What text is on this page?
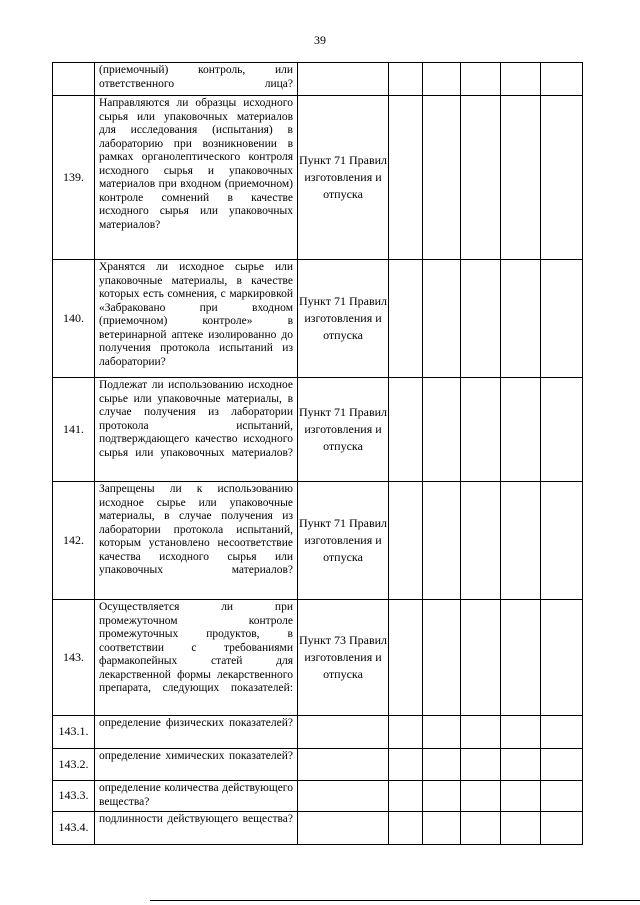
39

	(приемочный) контроль, или ответственного лица?						

139.	Направляются ли образцы исходного сырья или упаковочных материалов для исследования (испытания) в лабораторию при возникновении в рамках органолептического контроля исходного сырья и упаковочных материалов при входном (приемочном) контроле сомнений в качестве исходного сырья или упаковочных материалов?	Пункт 71 Правил изготовления и отпуска					
140.	Хранятся ли исходное сырье или упаковочные материалы, в качестве которых есть сомнения, с маркировкой «Забраковано при входном (приемочном) контроле» в ветеринарной аптеке изолированно до получения протокола испытаний из лаборатории?	Пункт 71 Правил изготовления и отпуска					
141.	Подлежат ли использованию исходное сырье или упаковочные материалы, в случае получения из лаборатории протокола испытаний, подтверждающего качество исходного сырья или упаковочных материалов?	Пункт 71 Правил изготовления и отпуска					
142.	Запрещены ли к использованию исходное сырье или упаковочные материалы, в случае получения из лаборатории протокола испытаний, которым установлено несоответствие качества исходного сырья или упаковочных материалов?	Пункт 71 Правил изготовления и отпуска					
143.	Осуществляется ли при промежуточном контроле промежуточных продуктов, в соответствии с требованиями фармакопейных статей для лекарственной формы лекарственного препарата, следующих показателей:	Пункт 73 Правил изготовления и отпуска					
143.1.	определение физических показателей?						

143.2.	определение химических показателей?						

143.3.	определение количества действующего вещества?						

143.4.	подлинности действующего вещества?						
